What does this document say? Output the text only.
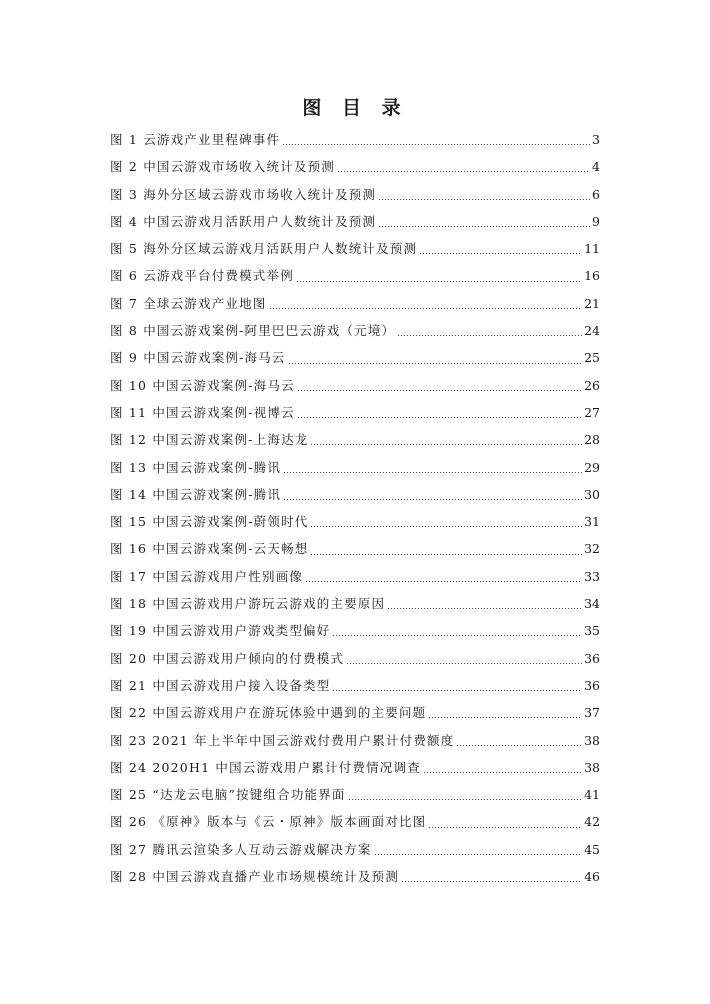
图 目 录
图 1 云游戏产业里程碑事件	3
图 2 中国云游戏市场收入统计及预测	4
图 3 海外分区域云游戏市场收入统计及预测	6
图 4 中国云游戏月活跃用户人数统计及预测	9
图 5 海外分区域云游戏月活跃用户人数统计及预测	11
图 6 云游戏平台付费模式举例	16
图 7 全球云游戏产业地图	21
图 8 中国云游戏案例-阿里巴巴云游戏（元境）	24
图 9 中国云游戏案例-海马云	25
图 10 中国云游戏案例-海马云	26
图 11 中国云游戏案例-视博云	27
图 12 中国云游戏案例-上海达龙	28
图 13 中国云游戏案例-腾讯	29
图 14 中国云游戏案例-腾讯	30
图 15 中国云游戏案例-蔚领时代	31
图 16 中国云游戏案例-云天畅想	32
图 17 中国云游戏用户性别画像	33
图 18 中国云游戏用户游玩云游戏的主要原因	34
图 19 中国云游戏用户游戏类型偏好	35
图 20 中国云游戏用户倾向的付费模式	36
图 21 中国云游戏用户接入设备类型	36
图 22 中国云游戏用户在游玩体验中遇到的主要问题	37
图 23 2021 年上半年中国云游戏付费用户累计付费额度	38
图 24 2020H1 中国云游戏用户累计付费情况调查	38
图 25 “达龙云电脑”按键组合功能界面	41
图 26 《原神》版本与《云・原神》版本画面对比图	42
图 27 腾讯云渲染多人互动云游戏解决方案	45
图 28 中国云游戏直播产业市场规模统计及预测	46
